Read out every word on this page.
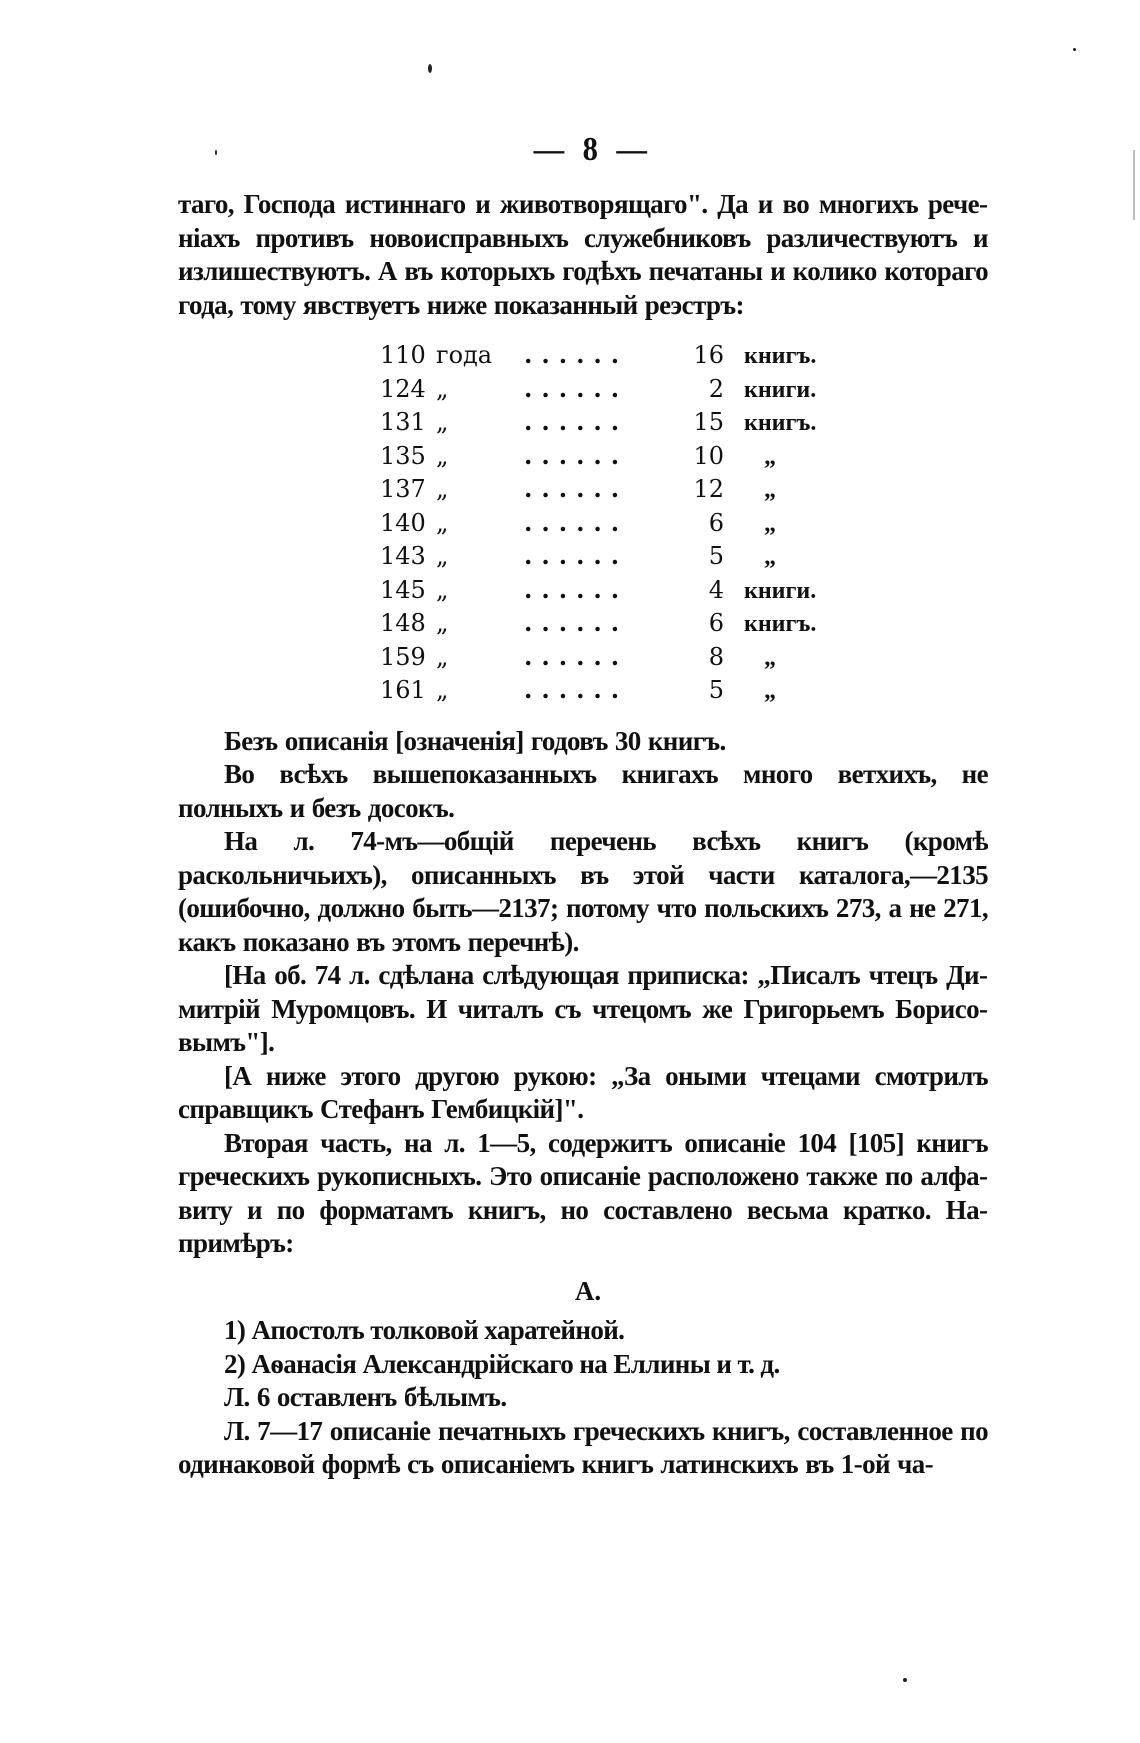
— 8 —

таго, Господа истиннаго и животворящаго". Да и во многихъ реченіахъ противъ новоисправныхъ служебниковъ различествуютъ и излишествуютъ. А въ которыхъ годѣхъ печатаны и колико котораго года, тому явствуетъ ниже показанный реэстръ:

110 года	......	16 книгъ.
124 „	......	2 книги.
131 „	......	15 книгъ.
135 „	......	10	„
137 „	......	12	„
140 „	......	6	„
143 „	......	5	„
145 „	......	4 книги.
148 „	......	6 книгъ.
159 „	......	8	„
161 „	......	5	„

Безъ описанія [означенія] годовъ 30 книгъ.

Во всѣхъ вышепоказанныхъ книгахъ много ветхихъ, не полныхъ и безъ досокъ.

На л. 74-мъ—общій перечень всѣхъ книгъ (кромѣ раскольничьихъ), описанныхъ въ этой части каталога,—2135 (ошибочно, должно быть—2137; потому что польскихъ 273, а не 271, какъ показано въ этомъ перечнѣ).

[На об. 74 л. сдѣлана слѣдующая приписка: „Писалъ чтецъ Димитрій Муромцовъ. И читалъ съ чтецомъ же Григорьемъ Борисовымъ"].

[А ниже этого другою рукою: „За оными чтецами смотрилъ справщикъ Стефанъ Гембицкій]".

Вторая часть, на л. 1—5, содержитъ описаніе 104 [105] книгъ греческихъ рукописныхъ. Это описаніе расположено также по алфавиту и по форматамъ книгъ, но составлено весьма кратко. Напримѣръ:

А.

1) Апостолъ толковой харатейной.

2) Аѳанасія Александрійскаго на Еллины и т. д.

Л. 6 оставленъ бѣлымъ.

Л. 7—17 описаніе печатныхъ греческихъ книгъ, составленное по одинаковой формѣ съ описаніемъ книгъ латинскихъ въ 1-ой ча-
